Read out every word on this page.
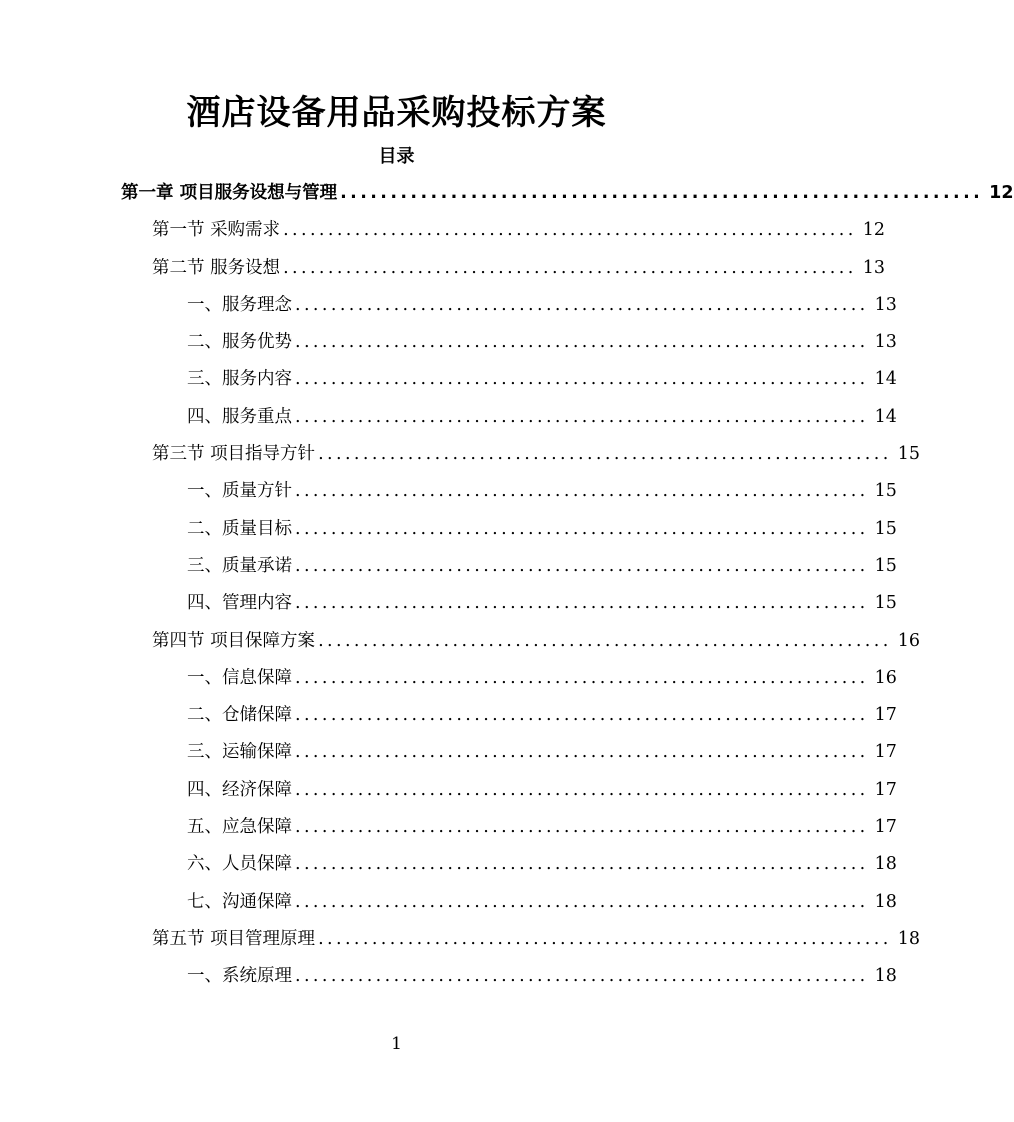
酒店设备用品采购投标方案
目录
第一章 项目服务设想与管理 ................................................................ 12
第一节 采购需求 ................................................................ 12
第二节 服务设想 ................................................................ 13
一、服务理念 ................................................................ 13
二、服务优势 ................................................................ 13
三、服务内容 ................................................................ 14
四、服务重点 ................................................................ 14
第三节 项目指导方针 ................................................................ 15
一、质量方针 ................................................................ 15
二、质量目标 ................................................................ 15
三、质量承诺 ................................................................ 15
四、管理内容 ................................................................ 15
第四节 项目保障方案 ................................................................ 16
一、信息保障 ................................................................ 16
二、仓储保障 ................................................................ 17
三、运输保障 ................................................................ 17
四、经济保障 ................................................................ 17
五、应急保障 ................................................................ 17
六、人员保障 ................................................................ 18
七、沟通保障 ................................................................ 18
第五节 项目管理原理 ................................................................ 18
一、系统原理 ................................................................ 18
1
